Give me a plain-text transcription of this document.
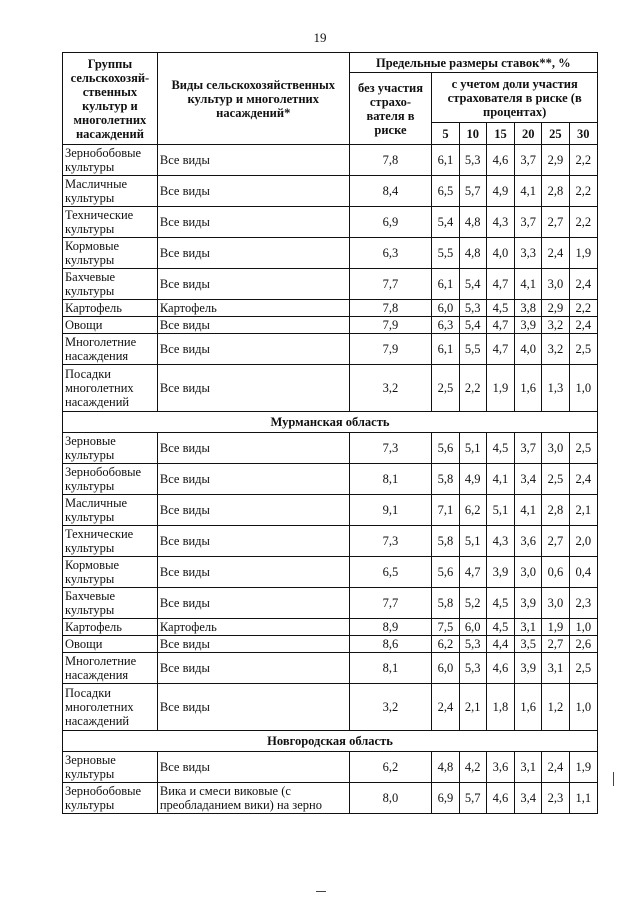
19
Группы сельскохозяй-ственных культур и многолетних насаждений	Виды сельскохозяйственных культур и многолетних насаждений*	Предельные размеры ставок**, %						
		без участия страхо-вателя в риске	с учетом доли участия страхователя в риске (в процентах)					
			5	10	15	20	25	30
Зернобобовые культуры	Все виды	7,8	6,1	5,3	4,6	3,7	2,9	2,2
Масличные культуры	Все виды	8,4	6,5	5,7	4,9	4,1	2,8	2,2
Технические культуры	Все виды	6,9	5,4	4,8	4,3	3,7	2,7	2,2
Кормовые культуры	Все виды	6,3	5,5	4,8	4,0	3,3	2,4	1,9
Бахчевые культуры	Все виды	7,7	6,1	5,4	4,7	4,1	3,0	2,4
Картофель	Картофель	7,8	6,0	5,3	4,5	3,8	2,9	2,2
Овощи	Все виды	7,9	6,3	5,4	4,7	3,9	3,2	2,4
Многолетние насаждения	Все виды	7,9	6,1	5,5	4,7	4,0	3,2	2,5
Посадки многолетних насаждений	Все виды	3,2	2,5	2,2	1,9	1,6	1,3	1,0
Мурманская область								
Зерновые культуры	Все виды	7,3	5,6	5,1	4,5	3,7	3,0	2,5
Зернобобовые культуры	Все виды	8,1	5,8	4,9	4,1	3,4	2,5	2,4
Масличные культуры	Все виды	9,1	7,1	6,2	5,1	4,1	2,8	2,1
Технические культуры	Все виды	7,3	5,8	5,1	4,3	3,6	2,7	2,0
Кормовые культуры	Все виды	6,5	5,6	4,7	3,9	3,0	0,6	0,4
Бахчевые культуры	Все виды	7,7	5,8	5,2	4,5	3,9	3,0	2,3
Картофель	Картофель	8,9	7,5	6,0	4,5	3,1	1,9	1,0
Овощи	Все виды	8,6	6,2	5,3	4,4	3,5	2,7	2,6
Многолетние насаждения	Все виды	8,1	6,0	5,3	4,6	3,9	3,1	2,5
Посадки многолетних насаждений	Все виды	3,2	2,4	2,1	1,8	1,6	1,2	1,0
Новгородская область								
Зерновые культуры	Все виды	6,2	4,8	4,2	3,6	3,1	2,4	1,9
Зернобобовые культуры	Вика и смеси виковые (с преобладанием вики) на зерно	8,0	6,9	5,7	4,6	3,4	2,3	1,1
